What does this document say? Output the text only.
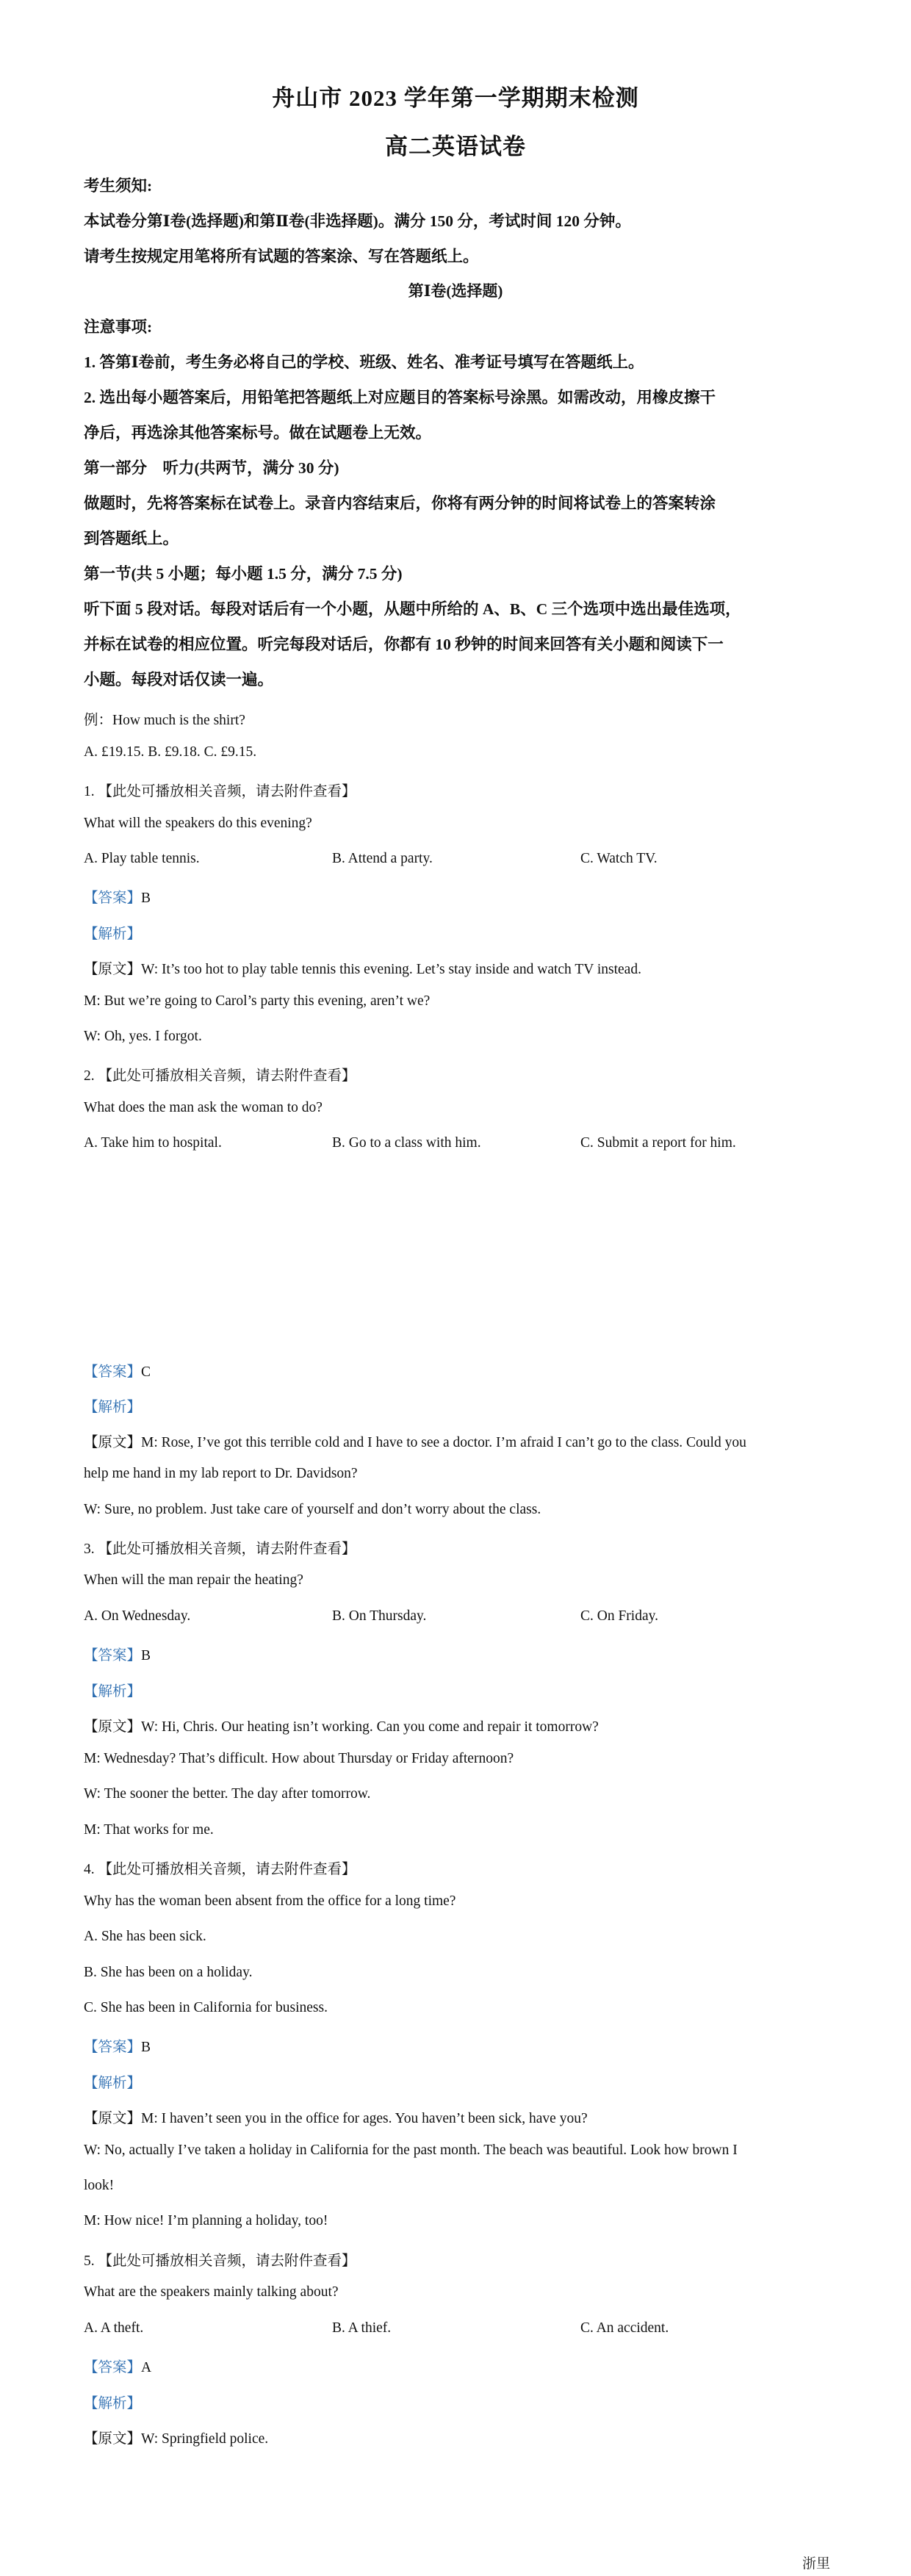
舟山市 2023 学年第一学期期末检测
高二英语试卷
考生须知:
本试卷分第Ⅰ卷(选择题)和第Ⅱ卷(非选择题)。满分 150 分，考试时间 120 分钟。
请考生按规定用笔将所有试题的答案涂、写在答题纸上。
第Ⅰ卷(选择题)
注意事项:
1. 答第Ⅰ卷前，考生务必将自己的学校、班级、姓名、准考证号填写在答题纸上。
2. 选出每小题答案后，用铅笔把答题纸上对应题目的答案标号涂黑。如需改动，用橡皮擦干
净后，再选涂其他答案标号。做在试题卷上无效。
第一部分　听力(共两节，满分 30 分)
做题时，先将答案标在试卷上。录音内容结束后，你将有两分钟的时间将试卷上的答案转涂
到答题纸上。
第一节(共 5 小题；每小题 1.5 分，满分 7.5 分)
听下面 5 段对话。每段对话后有一个小题，从题中所给的 A、B、C 三个选项中选出最佳选项，
并标在试卷的相应位置。听完每段对话后，你都有 10 秒钟的时间来回答有关小题和阅读下一
小题。每段对话仅读一遍。
例：How much is the shirt?
A. £19.15. B. £9.18. C. £9.15.
1. 【此处可播放相关音频，请去附件查看】
What will the speakers do this evening?
A. Play table tennis.	B. Attend a party.	C. Watch TV.
【答案】B
【解析】
【原文】W: It’s too hot to play table tennis this evening. Let’s stay inside and watch TV instead.
M: But we’re going to Carol’s party this evening, aren’t we?
W: Oh, yes. I forgot.
2. 【此处可播放相关音频，请去附件查看】
What does the man ask the woman to do?
A. Take him to hospital.	B. Go to a class with him.	C. Submit a report for him.
【答案】C
【解析】
【原文】M: Rose, I’ve got this terrible cold and I have to see a doctor. I’m afraid I can’t go to the class. Could you
help me hand in my lab report to Dr. Davidson?
W: Sure, no problem. Just take care of yourself and don’t worry about the class.
3. 【此处可播放相关音频，请去附件查看】
When will the man repair the heating?
A. On Wednesday.	B. On Thursday.	C. On Friday.
【答案】B
【解析】
【原文】W: Hi, Chris. Our heating isn’t working. Can you come and repair it tomorrow?
M: Wednesday? That’s difficult. How about Thursday or Friday afternoon?
W: The sooner the better. The day after tomorrow.
M: That works for me.
4. 【此处可播放相关音频，请去附件查看】
Why has the woman been absent from the office for a long time?
A. She has been sick.
B. She has been on a holiday.
C. She has been in California for business.
【答案】B
【解析】
【原文】M: I haven’t seen you in the office for ages. You haven’t been sick, have you?
W: No, actually I’ve taken a holiday in California for the past month. The beach was beautiful. Look how brown I
look!
M: How nice! I’m planning a holiday, too!
5. 【此处可播放相关音频，请去附件查看】
What are the speakers mainly talking about?
A. A theft.	B. A thief.	C. An accident.
【答案】A
【解析】
【原文】W: Springfield police.
浙里
